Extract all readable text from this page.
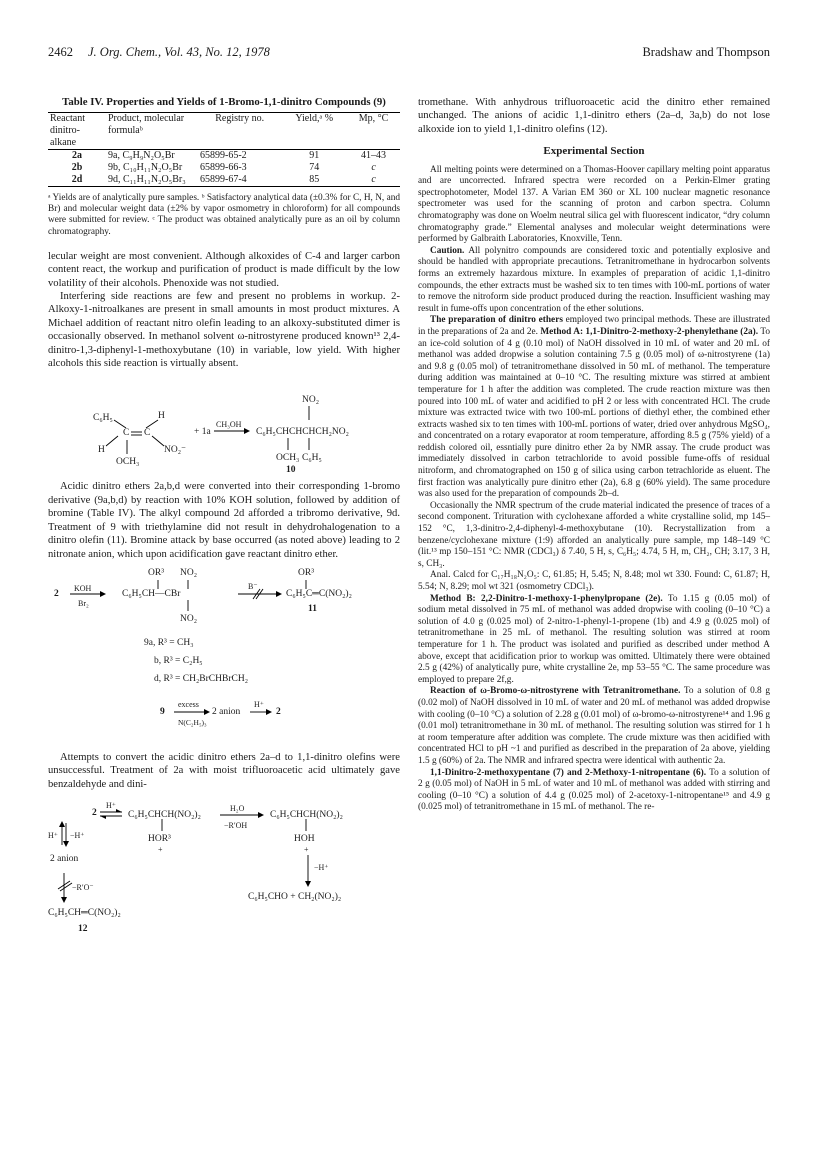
2462 J. Org. Chem., Vol. 43, No. 12, 1978	Bradshaw and Thompson
Table IV. Properties and Yields of 1-Bromo-1,1-dinitro Compounds (9)
Reactant dinitro-alkane	Product, molecular formulaᵇ	Registry no.	Yield,ᵃ %	Mp, °C
2a	9a, C₉H₉N₂O₅Br	65899-65-2	91	41–43
2b	9b, C₁₀H₁₁N₂O₅Br	65899-66-3	74	c
2d	9d, C₁₁H₁₁N₂O₅Br₃	65899-67-4	85	c

ᵃ Yields are of analytically pure samples. ᵇ Satisfactory analytical data (±0.3% for C, H, N, and Br) and molecular weight data (±2% by vapor osmometry in chloroform) for all compounds were submitted for review. ᶜ The product was obtained analytically pure as an oil by column chromatography.

lecular weight are most convenient. Although alkoxides of C-4 and larger carbon content react, the workup and purification of product is made difficult by the low volatility of their alcohols. Phenoxide was not studied.

Interfering side reactions are few and present no problems in workup. 2-Alkoxy-1-nitroalkanes are present in small amounts in most product mixtures. A Michael addition of reactant nitro olefin leading to an alkoxy-substituted dimer is occasionally observed. In methanol solvent ω-nitrostyrene produced known¹³ 2,4-dinitro-1,3-diphenyl-1-methoxybutane (10) in variable, low yield. With higher alcohols this side reaction is virtually absent.

C₆H₅	H
C C
H	NO₂⁻
OCH₃
+ 1a
CH₃OH
NO₂
C₆H₅CHCHCHCH₂NO₂
OCH₃ C₆H₅
10

Acidic dinitro ethers 2a,b,d were converted into their corresponding 1-bromo derivative (9a,b,d) by reaction with 10% KOH solution, followed by addition of bromine (Table IV). The alkyl compound 2d afforded a tribromo derivative, 9d. Treatment of 9 with triethylamine did not result in dehydrohalogenation to a dinitro olefin (11). Bromine attack by base occurred (as noted above) leading to 2 nitronate anion, which upon acidification gave reactant dinitro ether.

2
KOH
Br₂
OR³ NO₂
C₆H₅CH—CBr
NO₂
B⁻
OR³
C₆H₅C═C(NO₂)₂
11
9a, R³ = CH₃
b, R³ = C₂H₅
d, R³ = CH₂BrCHBrCH₂
9
excess
N(C₂H₅)₃
2 anion
H⁺
2

Attempts to convert the acidic dinitro ethers 2a–d to 1,1-dinitro olefins were unsuccessful. Treatment of 2a with moist trifluoroacetic acid ultimately gave benzaldehyde and dini-

2
H⁺
C₆H₅CHCH(NO₂)₂
H₂O
−R′OH
C₆H₅CHCH(NO₂)₂
H⁺ −H⁺	HOR³
+
HOH
+
2 anion
−R′O⁻
−H⁺
C₆H₅CH═C(NO₂)₂
C₆H₅CHO + CH₂(NO₂)₂
12

tromethane. With anhydrous trifluoroacetic acid the dinitro ether remained unchanged. The anions of acidic 1,1-dinitro ethers (2a–d, 3a,b) do not lose alkoxide ion to yield 1,1-dinitro olefins (12).

Experimental Section

All melting points were determined on a Thomas-Hoover capillary melting point apparatus and are uncorrected. Infrared spectra were recorded on a Perkin-Elmer grating spectrophotometer, Model 137. A Varian EM 360 or XL 100 nuclear magnetic resonance spectrometer was used for the scanning of proton and carbon spectra. Column chromatography was done on Woelm neutral silica gel with fluorescent indicator, “dry column chromatography grade.” Elemental analyses and molecular weight determinations were performed by Galbraith Laboratories, Knoxville, Tenn.

Caution. All polynitro compounds are considered toxic and potentially explosive and should be handled with appropriate precautions. Tetranitromethane in hydrocarbon solvents forms an extremely hazardous mixture. In examples of preparation of acidic 1,1-dinitro compounds, the ether extracts must be washed six to ten times with 100-mL portions of water to remove the nitroform side product produced during the reaction. Insufficient washing may result in fume-offs upon concentration of the ether solutions.

The preparation of dinitro ethers employed two principal methods. These are illustrated in the preparations of 2a and 2e. Method A: 1,1-Dinitro-2-methoxy-2-phenylethane (2a). To an ice-cold solution of 4 g (0.10 mol) of NaOH dissolved in 10 mL of water and 20 mL of methanol was added dropwise a solution containing 7.5 g (0.05 mol) of ω-nitrostyrene (1a) and 9.8 g (0.05 mol) of tetranitromethane dissolved in 50 mL of methanol. The temperature during addition was maintained at 0–10 °C. The resulting mixture was stirred at ambient temperature for 1 h after the addition was completed. The crude reaction mixture was then poured into 100 mL of water and acidified to pH 2 or less with concentrated HCl. The crude mixture was extracted twice with two 100-mL portions of diethyl ether, the combined ether extracts washed six to ten times with 100-mL portions of water, dried over anhydrous MgSO₄, and concentrated on a rotary evaporator at room temperature, affording 8.5 g (75% yield) of a reddish colored oil, essntially pure dinitro ether 2a by NMR assay. The crude product was immediately dissolved in carbon tetrachloride to avoid possible fume-offs of residual nitroform, and chromatographed on 150 g of silica using carbon tetrachloride as eluent. The first fraction was analytically pure dinitro ether (2a), 6.8 g (60% yield). The same procedure was also used for the preparation of compounds 2b–d.

Occasionally the NMR spectrum of the crude material indicated the presence of traces of a second component. Trituration with cyclohexane afforded a white crystalline solid, mp 145–152 °C, 1,3-dinitro-2,4-diphenyl-4-methoxybutane (10). Recrystallization from a benzene/cyclohexane mixture (1:9) afforded an analytically pure sample, mp 148–149 °C (lit.¹³ mp 150–151 °C: NMR (CDCl₃) δ 7.40, 5 H, s, C₆H₅; 4.74, 5 H, m, CH₂, CH; 3.17, 3 H, s, CH₃.

Anal. Calcd for C₁₇H₁₈N₂O₅: C, 61.85; H, 5.45; N, 8.48; mol wt 330. Found: C, 61.87; H, 5.54; N, 8.29; mol wt 321 (osmometry CDCl₃).

Method B: 2,2-Dinitro-1-methoxy-1-phenylpropane (2e). To 1.15 g (0.05 mol) of sodium metal dissolved in 75 mL of methanol was added dropwise with cooling (0–10 °C) a solution of 4.0 g (0.025 mol) of 2-nitro-1-phenyl-1-propene (1b) and 4.9 g (0.025 mol) of tetranitromethane in 25 mL of methanol. The resulting solution was stirred at room temperature for 1 h. The product was isolated and purified as described under method A above, except that acidification prior to workup was omitted. Ultimately there were obtained 2.5 g (42%) of analytically pure, white crystalline 2e, mp 53–55 °C. The same procedure was employed to prepare 2f,g.

Reaction of ω-Bromo-ω-nitrostyrene with Tetranitromethane. To a solution of 0.8 g (0.02 mol) of NaOH dissolved in 10 mL of water and 20 mL of methanol was added dropwise with cooling (0–10 °C) a solution of 2.28 g (0.01 mol) of ω-bromo-ω-nitrostyrene¹⁴ and 1.96 g (0.01 mol) tetranitromethane in 30 mL of methanol. The resulting solution was stirred for 1 h at room temperature after addition was complete. The crude mixture was then acidified with concentrated HCl to pH ~1 and purified as described in the preparation of 2a above, yielding 1.5 g (60%) of 2a. The NMR and infrared spectra were identical with authentic 2a.

1,1-Dinitro-2-methoxypentane (7) and 2-Methoxy-1-nitropentane (6). To a solution of 2 g (0.05 mol) of NaOH in 5 mL of water and 10 mL of methanol was added with stirring and cooling (0–10 °C) a solution of 4.4 g (0.025 mol) of 2-acetoxy-1-nitropentane¹⁵ and 4.9 g (0.025 mol) of tetranitromethane in 15 mL of methanol. The re-
